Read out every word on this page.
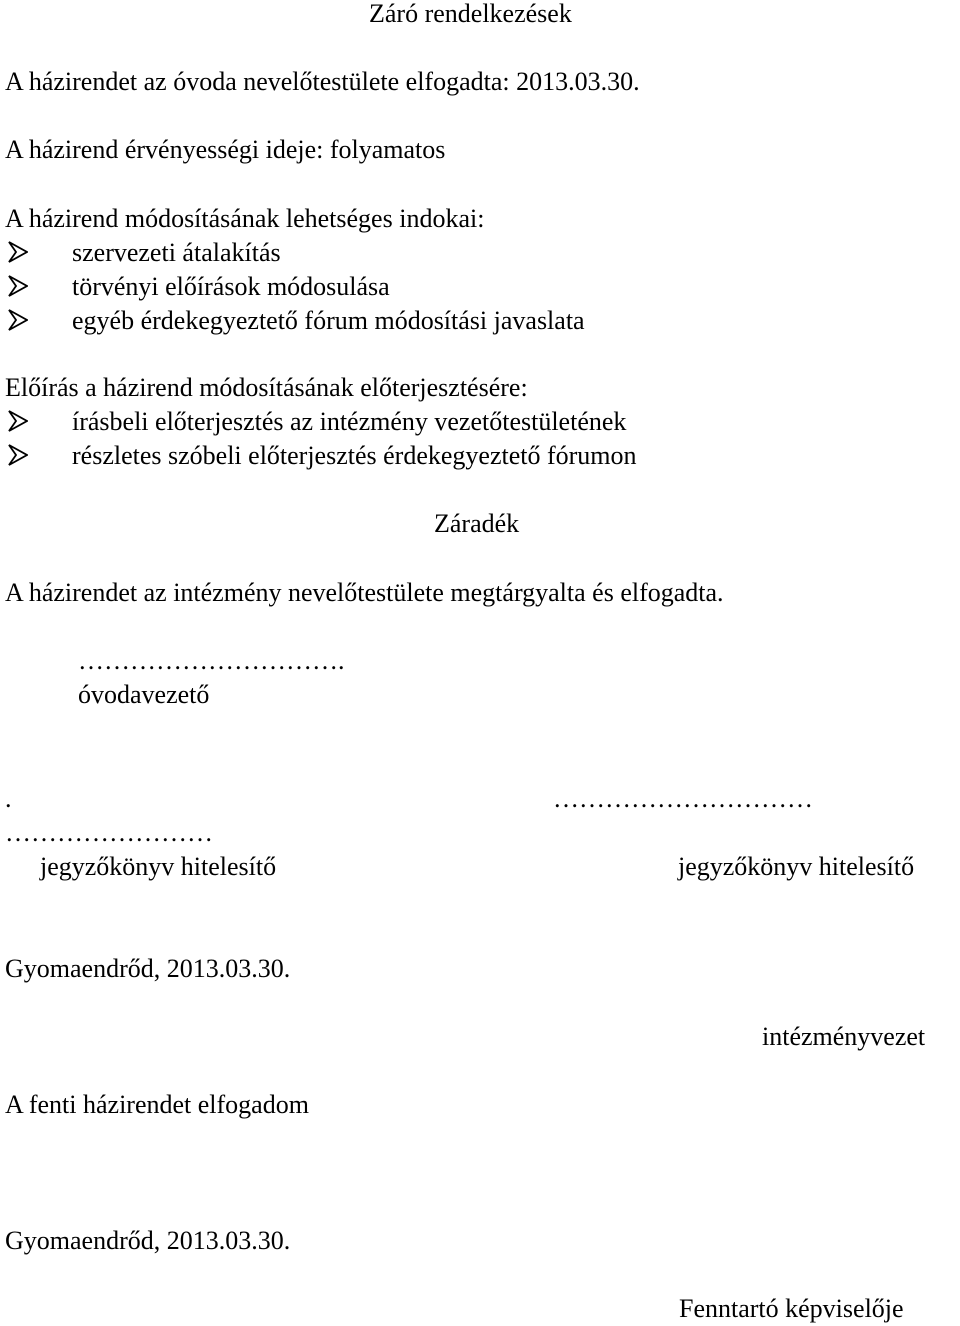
Záró rendelkezések
A házirendet az óvoda nevelőtestülete elfogadta: 2013.03.30.
A házirend érvényességi ideje: folyamatos
A házirend módosításának lehetséges indokai:
szervezeti átalakítás
törvényi előírások módosulása
egyéb érdekegyeztető fórum módosítási javaslata
Előírás a házirend módosításának előterjesztésére:
írásbeli előterjesztés az intézmény vezetőtestületének
részletes szóbeli előterjesztés érdekegyeztető fórumon
Záradék
A házirendet az intézmény nevelőtestülete megtárgyalta és elfogadta.
………………………….
óvodavezető
.	…………………………
……………………
jegyzőkönyv hitelesítő	jegyzőkönyv hitelesítő
Gyomaendrőd, 2013.03.30.
intézményvezet
A fenti házirendet elfogadom
Gyomaendrőd, 2013.03.30.
Fenntartó képviselője
